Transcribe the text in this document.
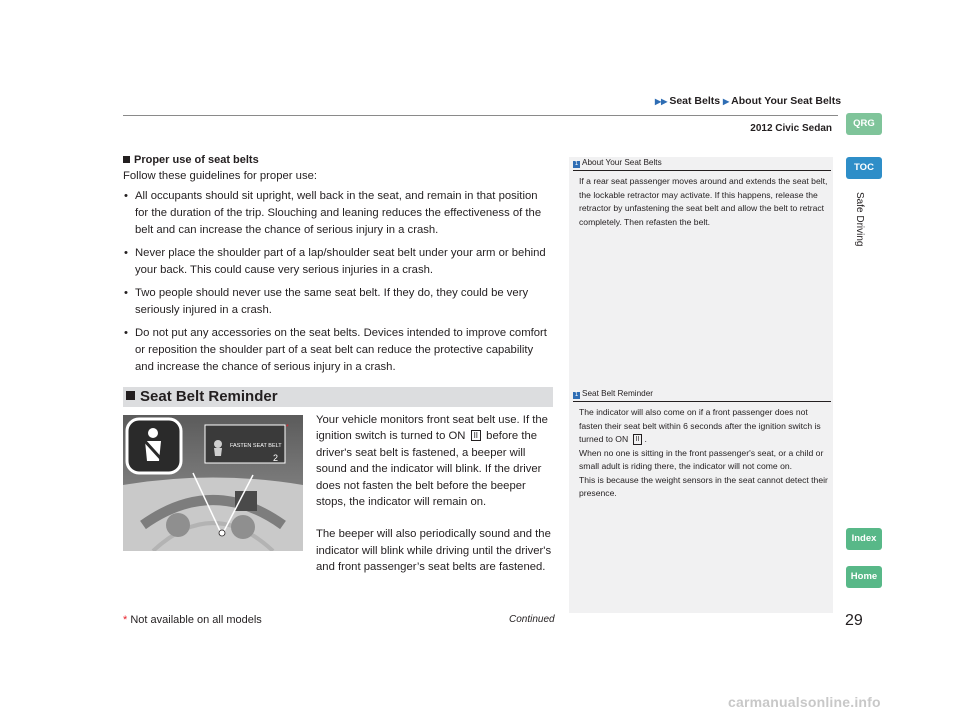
▶▶ Seat Belts ▶ About Your Seat Belts
2012 Civic Sedan	QRG
TOC
Safe Driving
Index
Home
Proper use of seat belts
Follow these guidelines for proper use:
• All occupants should sit upright, well back in the seat, and remain in that position for the duration of the trip. Slouching and leaning reduces the effectiveness of the belt and can increase the chance of serious injury in a crash.
• Never place the shoulder part of a lap/shoulder seat belt under your arm or behind your back. This could cause very serious injuries in a crash.
• Two people should never use the same seat belt. If they do, they could be very seriously injured in a crash.
• Do not put any accessories on the seat belts. Devices intended to improve comfort or reposition the shoulder part of a seat belt can reduce the protective capability and increase the chance of serious injury in a crash.
1 About Your Seat Belts
If a rear seat passenger moves around and extends the seat belt, the lockable retractor may activate. If this happens, release the retractor by unfastening the seat belt and allow the belt to retract completely. Then refasten the belt.
Seat Belt Reminder
FASTEN SEAT BELT
*
2

Your vehicle monitors front seat belt use. If the ignition switch is turned to ON II before the driver's seat belt is fastened, a beeper will sound and the indicator will blink. If the driver does not fasten the belt before the beeper stops, the indicator will remain on.

The beeper will also periodically sound and the indicator will blink while driving until the driver's and front passenger’s seat belts are fastened.

1 Seat Belt Reminder
The indicator will also come on if a front passenger does not fasten their seat belt within 6 seconds after the ignition switch is turned to ON II .
When no one is sitting in the front passenger's seat, or a child or small adult is riding there, the indicator will not come on.
This is because the weight sensors in the seat cannot detect their presence.
* Not available on all models	Continued	29
carmanualsonline.info
